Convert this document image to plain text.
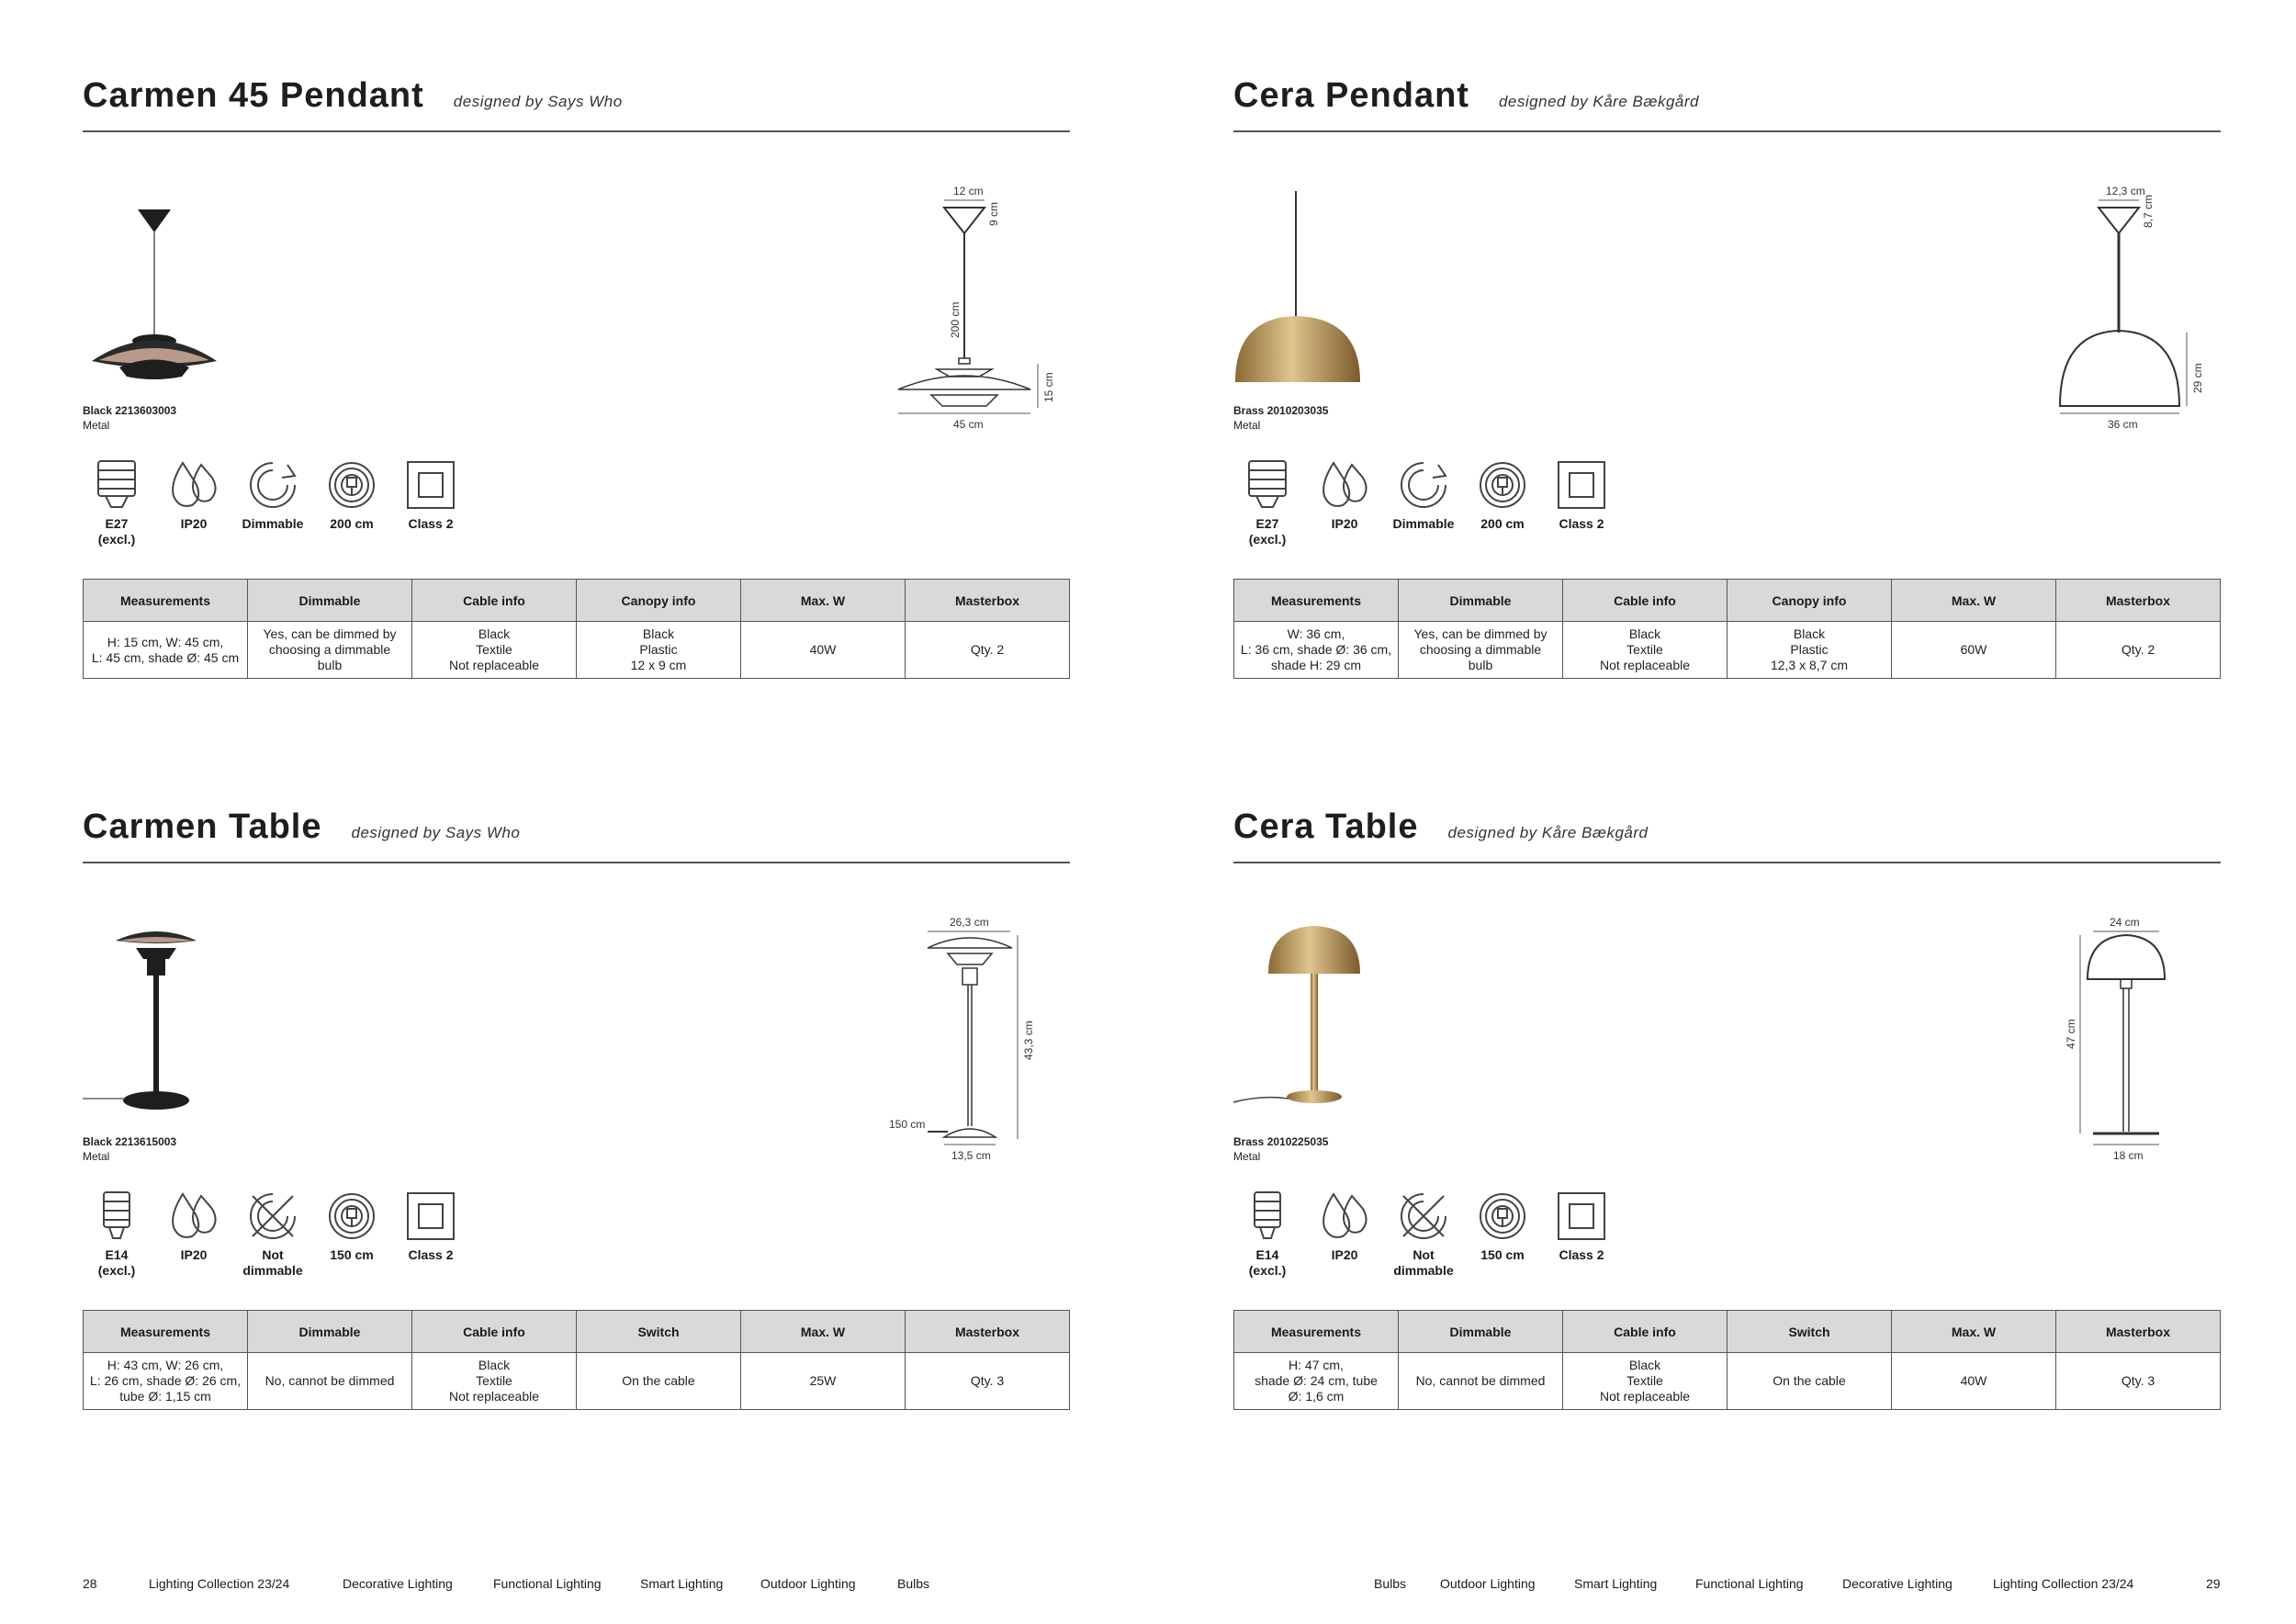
Carmen 45 Pendant designed by Says Who
Black 2213603003
Metal
12 cm
9 cm
200 cm
15 cm
45 cm
E27
(excl.)
IP20	Dimmable	200 cm	Class 2
Measurements	Dimmable	Cable info	Canopy info	Max. W	Masterbox
H: 15 cm, W: 45 cm,
L: 45 cm, shade Ø: 45 cm	Yes, can be dimmed by
choosing a dimmable
bulb	Black
Textile
Not replaceable	Black
Plastic
12 x 9 cm	40W	Qty. 2
Cera Pendant designed by Kåre Bækgård
Brass 2010203035
Metal
12,3 cm
8,7 cm
29 cm
36 cm
E27
(excl.)
IP20	Dimmable	200 cm	Class 2
Measurements	Dimmable	Cable info	Canopy info	Max. W	Masterbox
W: 36 cm,
L: 36 cm, shade Ø: 36 cm,
shade H: 29 cm	Yes, can be dimmed by
choosing a dimmable
bulb	Black
Textile
Not replaceable	Black
Plastic
12,3 x 8,7 cm	60W	Qty. 2
Carmen Table designed by Says Who
Black 2213615003
Metal
26,3 cm
150 cm
43,3 cm
13,5 cm
E14
(excl.)
IP20	Not
dimmable
150 cm	Class 2
Measurements	Dimmable	Cable info	Switch	Max. W	Masterbox
H: 43 cm, W: 26 cm,
L: 26 cm, shade Ø: 26 cm,
tube Ø: 1,15 cm	No, cannot be dimmed	Black
Textile
Not replaceable	On the cable	25W	Qty. 3
Cera Table designed by Kåre Bækgård
Brass 2010225035
Metal
24 cm
47 cm
18 cm
E14
(excl.)
IP20	Not
dimmable
150 cm	Class 2
Measurements	Dimmable	Cable info	Switch	Max. W	Masterbox
H: 47 cm,
shade Ø: 24 cm, tube
Ø: 1,6 cm	No, cannot be dimmed	Black
Textile
Not replaceable	On the cable	40W	Qty. 3
28	Lighting Collection 23/24	Decorative Lighting	Functional Lighting	Smart Lighting	Outdoor Lighting	Bulbs	Bulbs	Outdoor Lighting	Smart Lighting	Functional Lighting	Decorative Lighting	Lighting Collection 23/24	29
